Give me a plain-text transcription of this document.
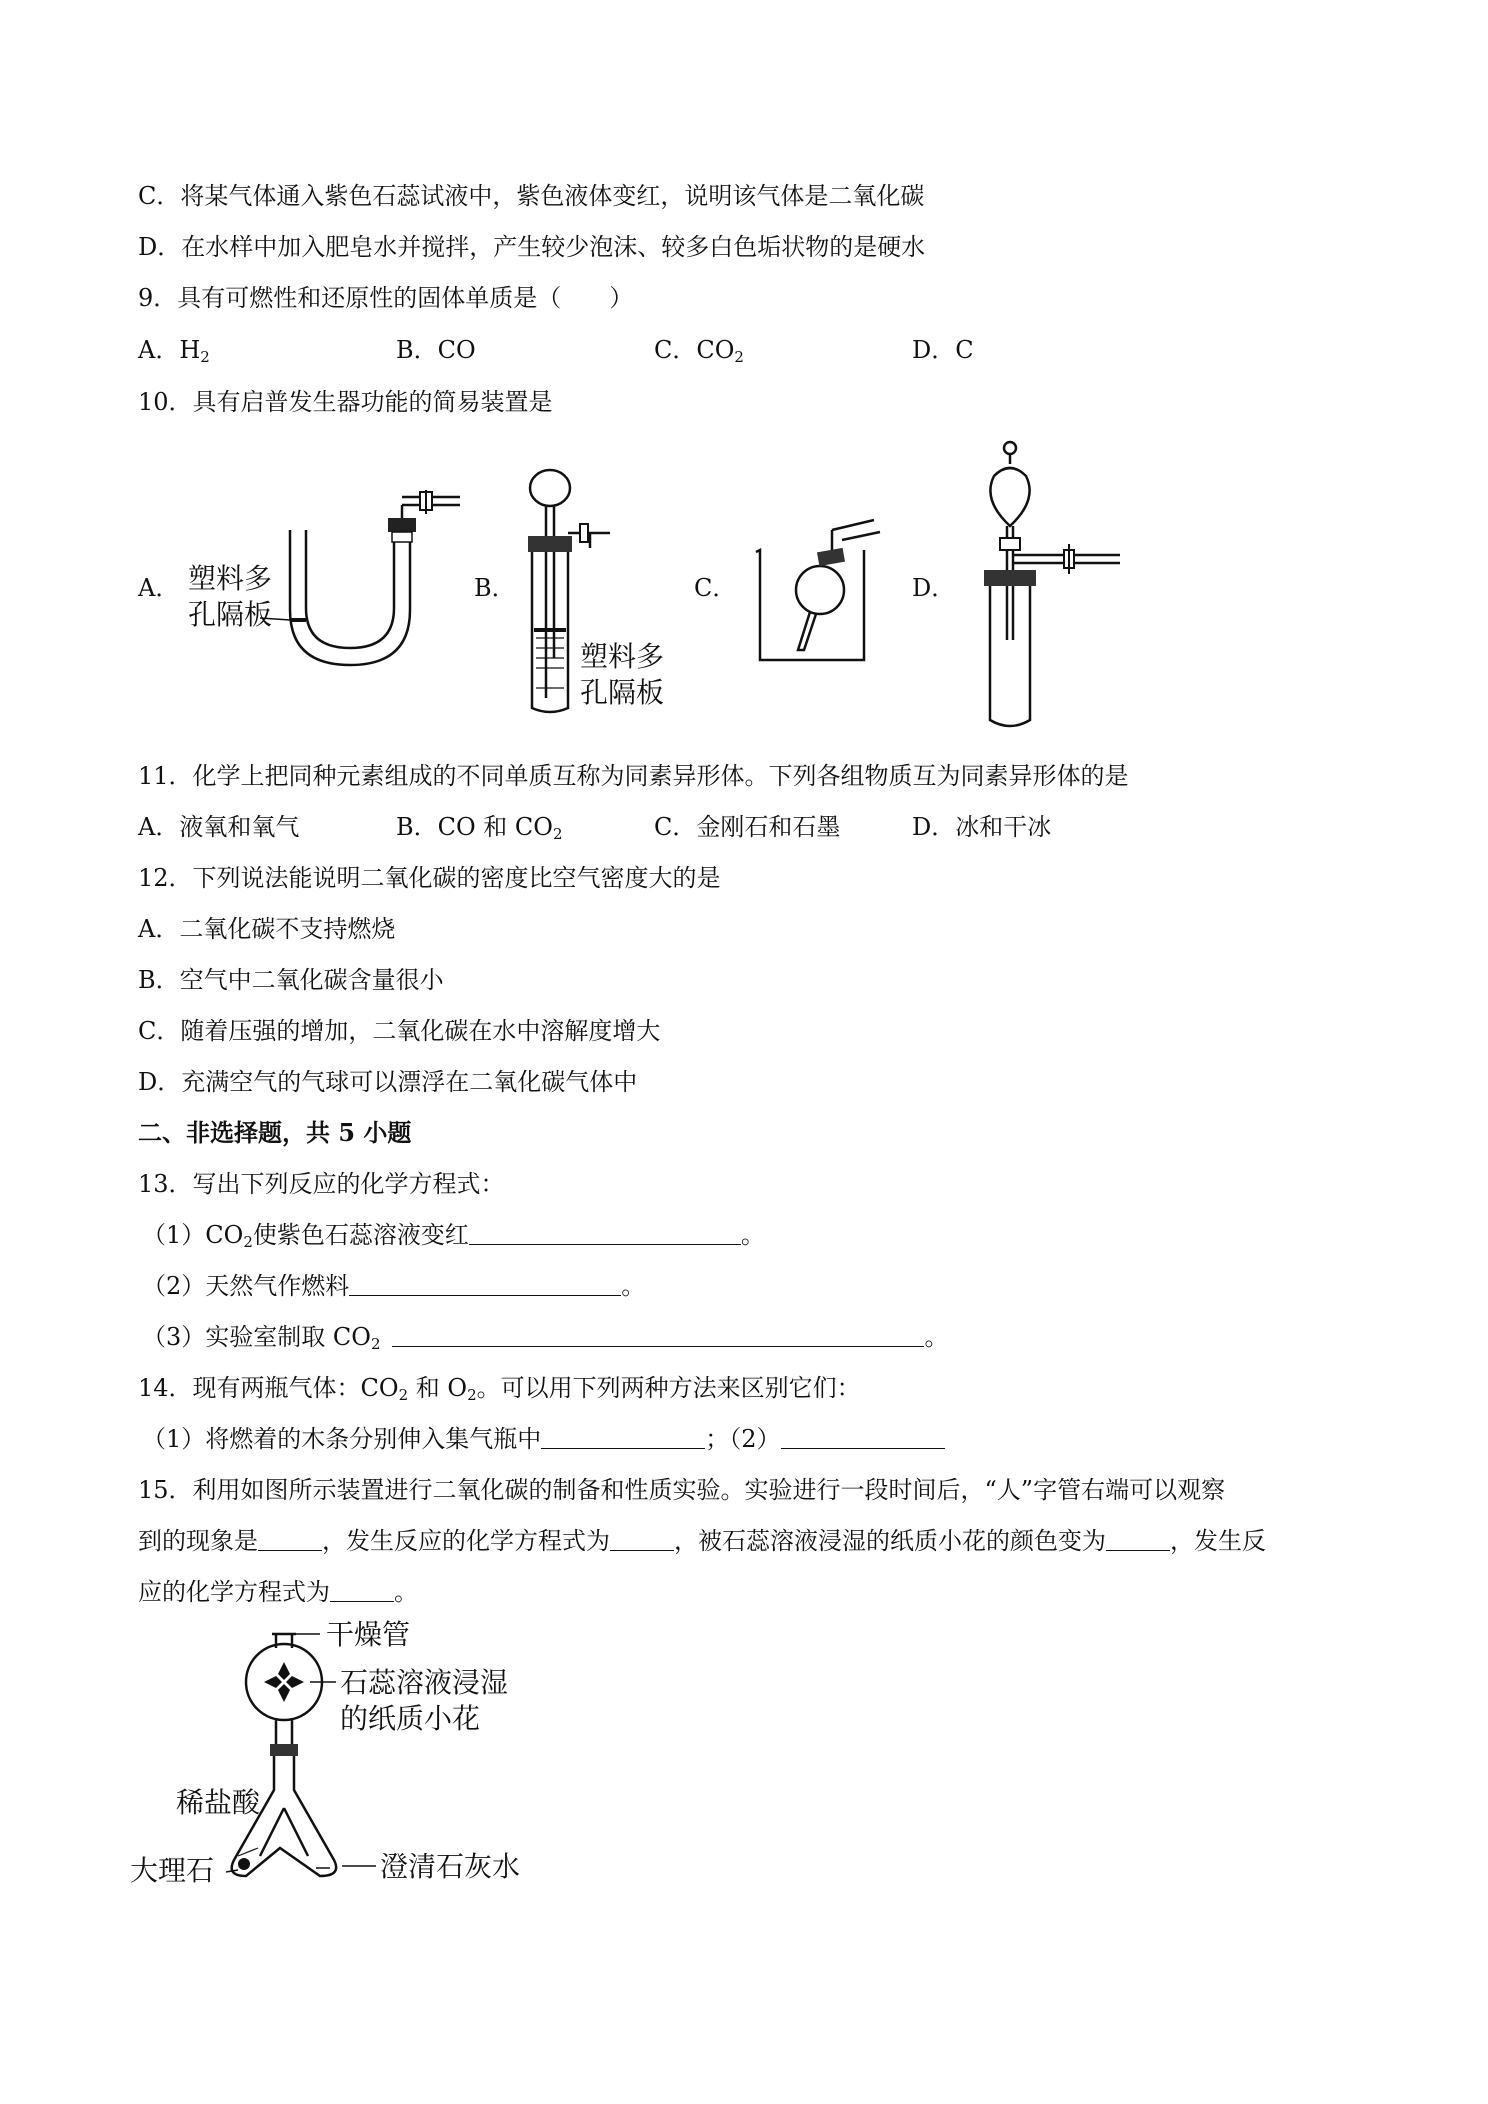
C．将某气体通入紫色石蕊试液中，紫色液体变红，说明该气体是二氧化碳
D．在水样中加入肥皂水并搅拌，产生较少泡沫、较多白色垢状物的是硬水
9．具有可燃性和还原性的固体单质是（　　）
A．$H_2$	B．CO	C．$CO_2$	D．C
10．具有启普发生器功能的简易装置是
A．	B．	C．	D．
塑料多
孔隔板
塑料多
孔隔板
11．化学上把同种元素组成的不同单质互称为同素异形体。下列各组物质互为同素异形体的是
A．液氧和氧气	B．CO 和 $CO_2$	C．金刚石和石墨	D．冰和干冰
12．下列说法能说明二氧化碳的密度比空气密度大的是
A．二氧化碳不支持燃烧
B．空气中二氧化碳含量很小
C．随着压强的增加，二氧化碳在水中溶解度增大
D．充满空气的气球可以漂浮在二氧化碳气体中
二、非选择题，共 5 小题
13．写出下列反应的化学方程式：
$(1)CO_2$使紫色石蕊溶液变红	。
（2）天然气作燃料	。
（3）实验室制取 $CO_2$	。
14．现有两瓶气体：$CO_2$ 和 $O_2$。可以用下列两种方法来区别它们：
（1）将燃着的木条分别伸入集气瓶中	；（2）
15．利用如图所示装置进行二氧化碳的制备和性质实验。实验进行一段时间后，“人”字管右端可以观察
到的现象是	，发生反应的化学方程式为	，被石蕊溶液浸湿的纸质小花的颜色变为	，发生反
应的化学方程式为	。
干燥管
石蕊溶液浸湿
的纸质小花
稀盐酸
大理石	澄清石灰水
